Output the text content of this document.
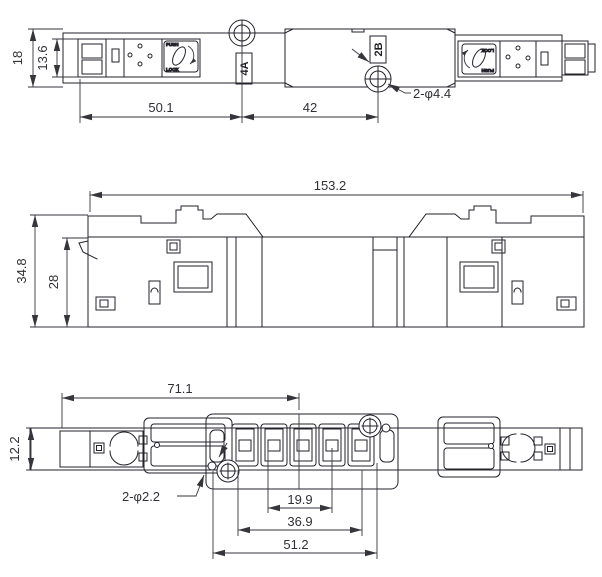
PUSH
LOCK
LOCK
PUSH
4A
2B
2-φ4.4
18 13.6
50.1	42
34.8 28
153.2
2-φ2.2
12.2
71.1
19.9
36.9
51.2
